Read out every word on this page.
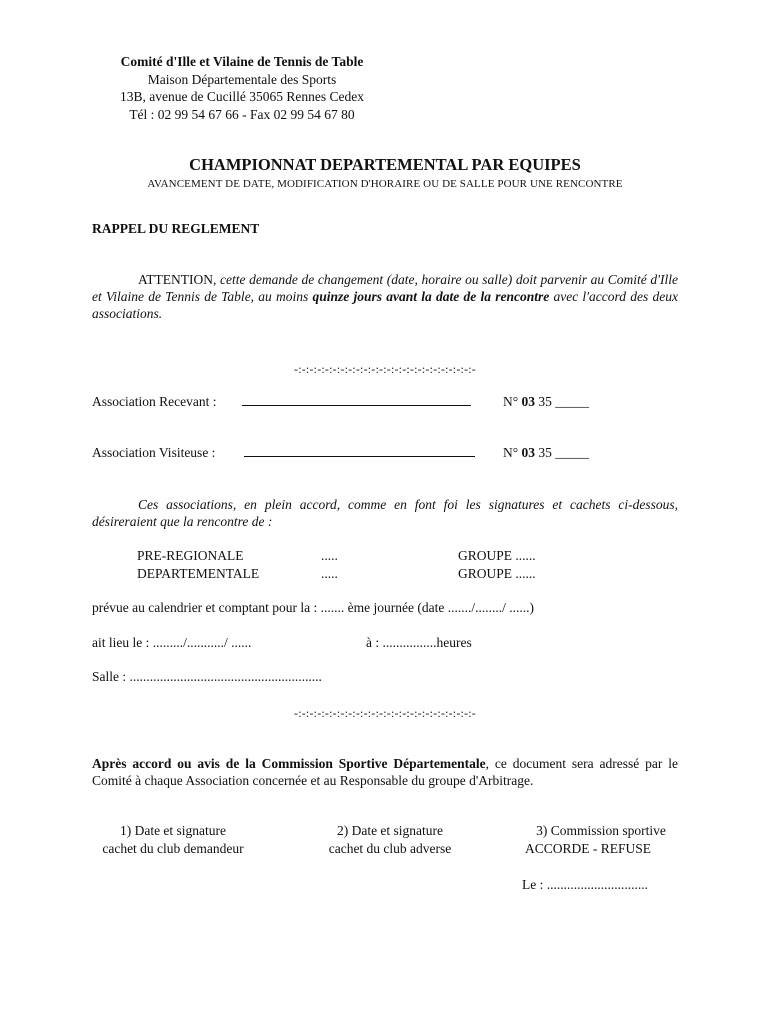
Comité d'Ille et Vilaine de Tennis de Table
Maison Départementale des Sports
13B, avenue de Cucillé 35065 Rennes Cedex
Tél : 02 99 54 67 66 - Fax 02 99 54 67 80
CHAMPIONNAT DEPARTEMENTAL PAR EQUIPES
AVANCEMENT DE DATE, MODIFICATION D'HORAIRE OU DE SALLE POUR UNE RENCONTRE
RAPPEL DU REGLEMENT
ATTENTION, cette demande de changement (date, horaire ou salle) doit parvenir au Comité d'Ille et Vilaine de Tennis de Table, au moins quinze jours avant la date de la rencontre avec l'accord des deux associations.
-:-:-:-:-:-:-:-:-:-:-:-:-:-:-:-:-:-:-:-:-:-:-:-
Association Recevant :	N° 03 35 _____
Association Visiteuse :	N° 03 35 _____
Ces associations, en plein accord, comme en font foi les signatures et cachets ci-dessous, désireraient que la rencontre de :
PRE-REGIONALE	.....	GROUPE ......
DEPARTEMENTALE	.....	GROUPE ......
prévue au calendrier et comptant pour la : ....... ème journée (date ......./......../ ......)
ait lieu le : ........./.........../ ......	à : ................heures
Salle : .........................................................
-:-:-:-:-:-:-:-:-:-:-:-:-:-:-:-:-:-:-:-:-:-:-:-
Après accord ou avis de la Commission Sportive Départementale, ce document sera adressé par le Comité à chaque Association concernée et au Responsable du groupe d'Arbitrage.
1) Date et signature
cachet du club demandeur
2) Date et signature
cachet du club adverse
3) Commission sportive
ACCORDE - REFUSE
Le : ..............................
